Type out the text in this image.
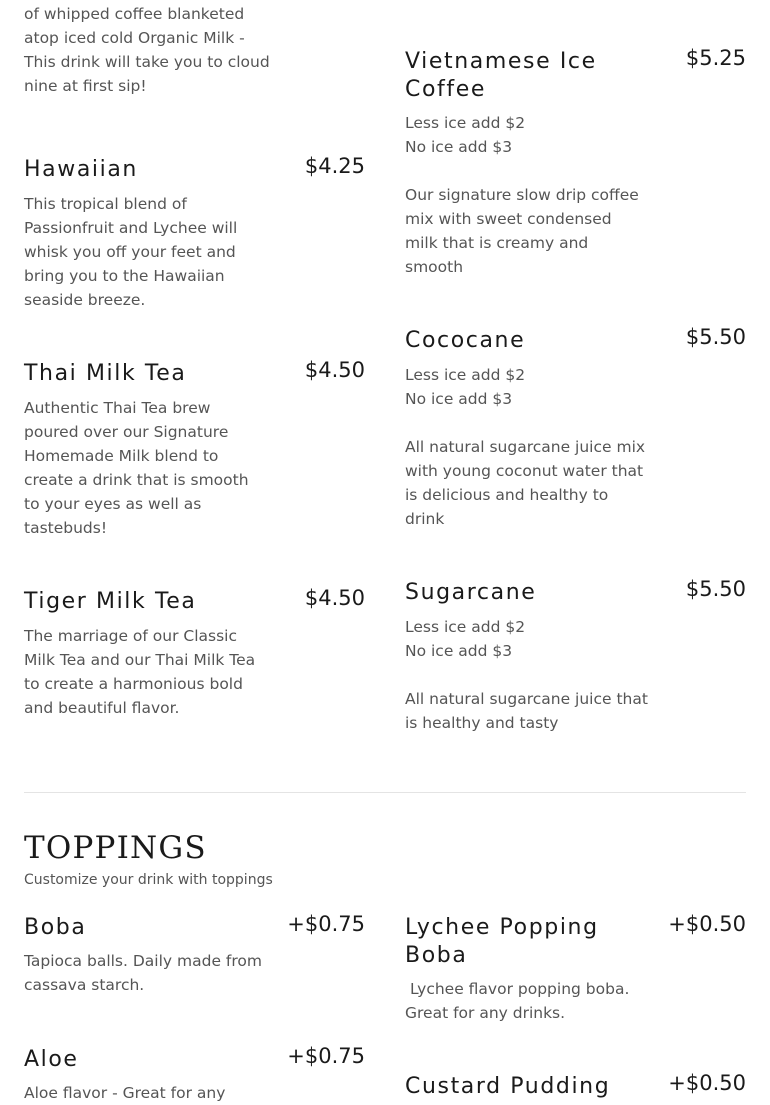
of whipped coffee blanketed atop iced cold Organic Milk - This drink will take you to cloud nine at first sip!

Hawaiian	$4.25

This tropical blend of Passionfruit and Lychee will whisk you off your feet and bring you to the Hawaiian seaside breeze.

Thai Milk Tea	$4.50

Authentic Thai Tea brew poured over our Signature Homemade Milk blend to create a drink that is smooth to your eyes as well as tastebuds!

Tiger Milk Tea	$4.50

The marriage of our Classic Milk Tea and our Thai Milk Tea to create a harmonious bold and beautiful flavor.

Vietnamese Ice Coffee
$5.25

Less ice add $2
No ice add $3

Our signature slow drip coffee mix with sweet condensed milk that is creamy and smooth

Cococane	$5.50

Less ice add $2
No ice add $3

All natural sugarcane juice mix with young coconut water that is delicious and healthy to drink

Sugarcane	$5.50

Less ice add $2
No ice add $3

All natural sugarcane juice that is healthy and tasty

TOPPINGS
Customize your drink with toppings
Boba	+$0.75

Tapioca balls. Daily made from cassava starch.

Aloe	+$0.75

Aloe flavor - Great for any

Lychee Popping Boba
+$0.50

Lychee flavor popping boba. Great for any drinks.

Custard Pudding	+$0.50
